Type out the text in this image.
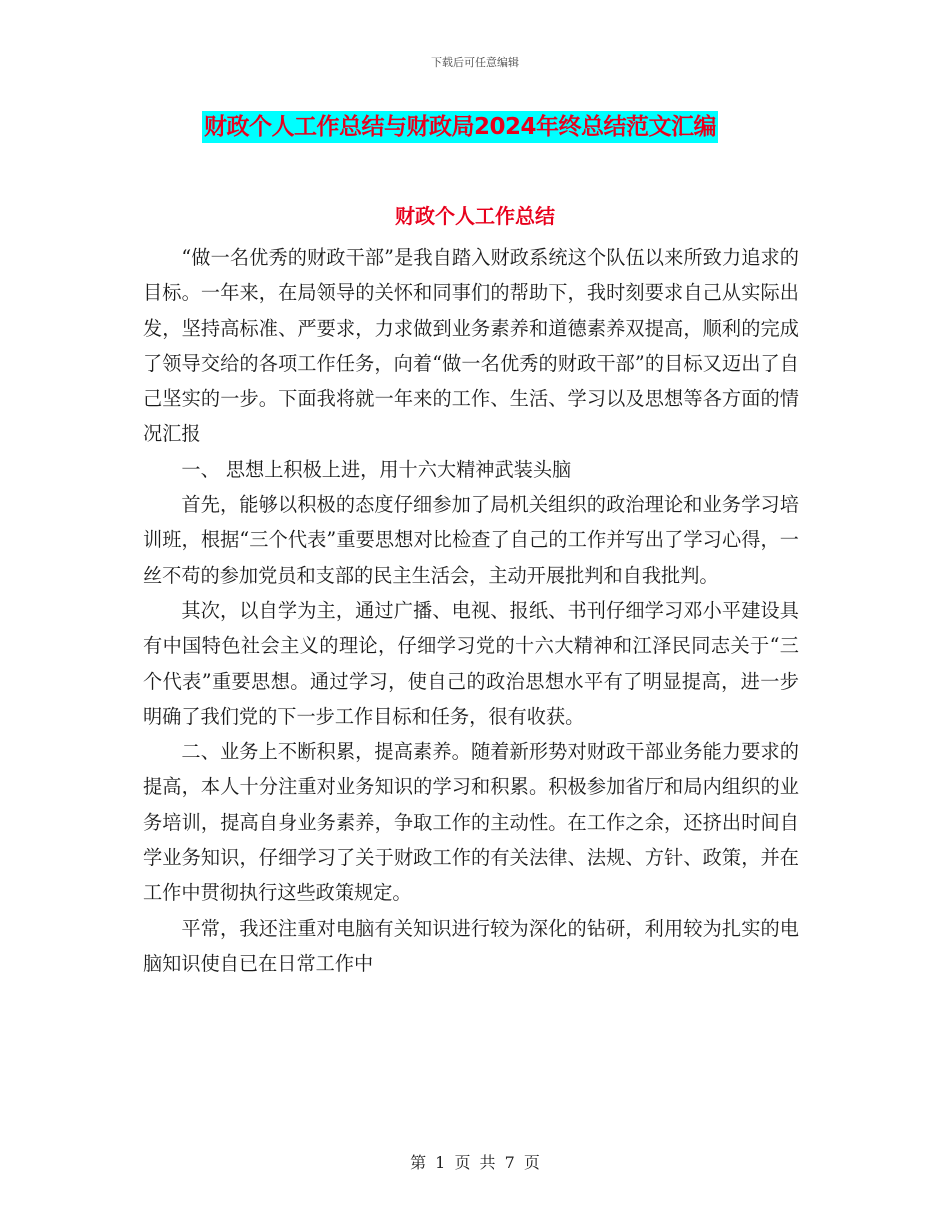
下载后可任意编辑
财政个人工作总结与财政局2024年终总结范文汇编
财政个人工作总结

“做一名优秀的财政干部”是我自踏入财政系统这个队伍以来所致力追求的目标。一年来，在局领导的关怀和同事们的帮助下，我时刻要求自己从实际出发，坚持高标准、严要求，力求做到业务素养和道德素养双提高，顺利的完成了领导交给的各项工作任务，向着“做一名优秀的财政干部”的目标又迈出了自己坚实的一步。下面我将就一年来的工作、生活、学习以及思想等各方面的情况汇报

一、 思想上积极上进，用十六大精神武装头脑

首先，能够以积极的态度仔细参加了局机关组织的政治理论和业务学习培训班，根据“三个代表”重要思想对比检查了自己的工作并写出了学习心得，一丝不苟的参加党员和支部的民主生活会，主动开展批判和自我批判。

其次，以自学为主，通过广播、电视、报纸、书刊仔细学习邓小平建设具有中国特色社会主义的理论，仔细学习党的十六大精神和江泽民同志关于“三个代表”重要思想。通过学习，使自己的政治思想水平有了明显提高，进一步明确了我们党的下一步工作目标和任务，很有收获。

二、业务上不断积累，提高素养。随着新形势对财政干部业务能力要求的提高，本人十分注重对业务知识的学习和积累。积极参加省厅和局内组织的业务培训，提高自身业务素养，争取工作的主动性。在工作之余，还挤出时间自学业务知识，仔细学习了关于财政工作的有关法律、法规、方针、政策，并在工作中贯彻执行这些政策规定。

平常，我还注重对电脑有关知识进行较为深化的钻研，利用较为扎实的电脑知识使自已在日常工作中

第 1 页 共 7 页
